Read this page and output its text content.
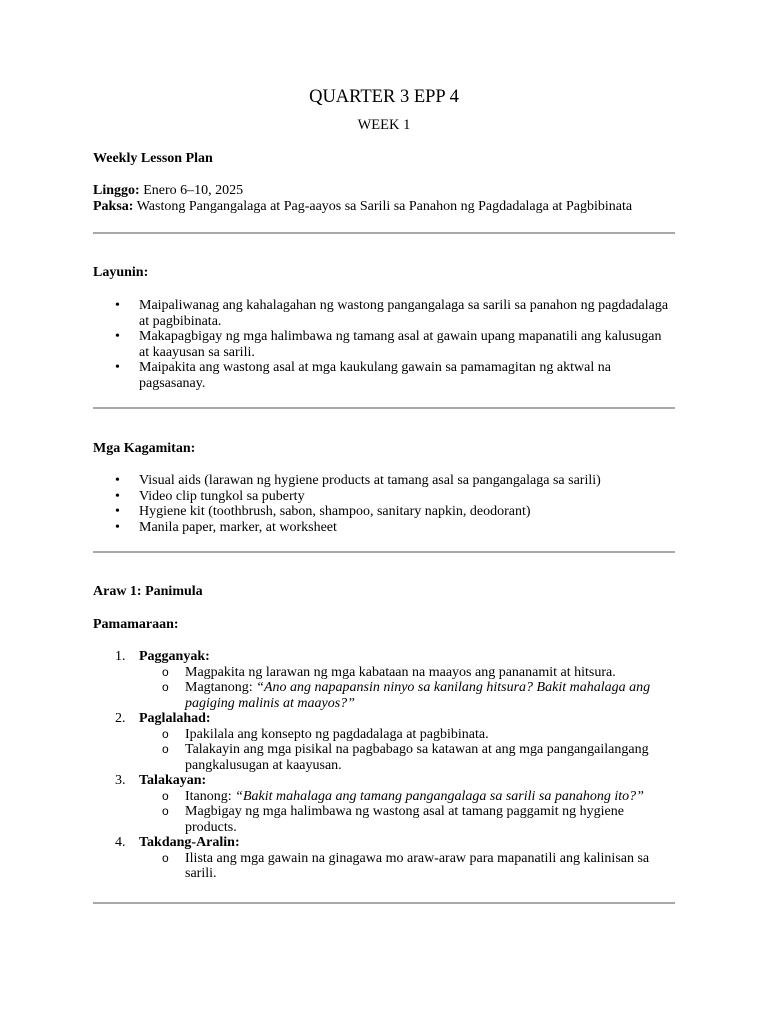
QUARTER 3 EPP 4
WEEK 1
Weekly Lesson Plan
Linggo: Enero 6–10, 2025
Paksa: Wastong Pangangalaga at Pag-aayos sa Sarili sa Panahon ng Pagdadalaga at Pagbibinata
Layunin:
• Maipaliwanag ang kahalagahan ng wastong pangangalaga sa sarili sa panahon ng pagdadalaga at pagbibinata.
• Makapagbigay ng mga halimbawa ng tamang asal at gawain upang mapanatili ang kalusugan at kaayusan sa sarili.
• Maipakita ang wastong asal at mga kaukulang gawain sa pamamagitan ng aktwal na pagsasanay.
Mga Kagamitan:
• Visual aids (larawan ng hygiene products at tamang asal sa pangangalaga sa sarili)
• Video clip tungkol sa puberty
• Hygiene kit (toothbrush, sabon, shampoo, sanitary napkin, deodorant)
• Manila paper, marker, at worksheet
Araw 1: Panimula
Pamamaraan:
1. Pagganyak:
o Magpakita ng larawan ng mga kabataan na maayos ang pananamit at hitsura.
o Magtanong: “Ano ang napapansin ninyo sa kanilang hitsura? Bakit mahalaga ang pagiging malinis at maayos?”
2. Paglalahad:
o Ipakilala ang konsepto ng pagdadalaga at pagbibinata.
o Talakayin ang mga pisikal na pagbabago sa katawan at ang mga pangangailangang pangkalusugan at kaayusan.
3. Talakayan:
o Itanong: “Bakit mahalaga ang tamang pangangalaga sa sarili sa panahong ito?”
o Magbigay ng mga halimbawa ng wastong asal at tamang paggamit ng hygiene products.
4. Takdang-Aralin:
o Ilista ang mga gawain na ginagawa mo araw-araw para mapanatili ang kalinisan sa sarili.
